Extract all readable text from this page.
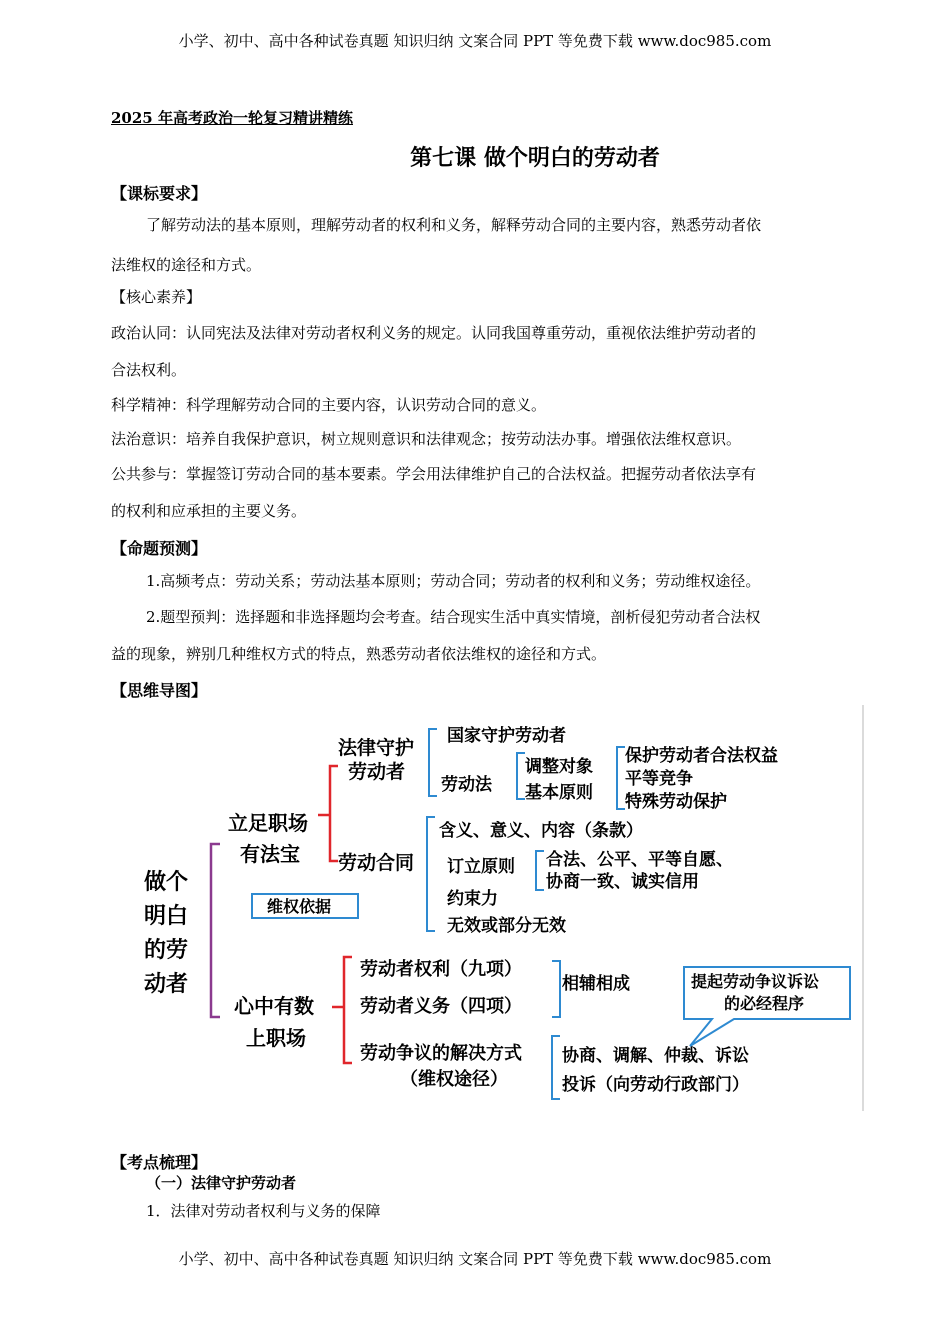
小学、初中、高中各种试卷真题 知识归纳 文案合同 PPT 等免费下载 www.doc985.com
2025 年高考政治一轮复习精讲精练
第七课 做个明白的劳动者
【课标要求】
了解劳动法的基本原则，理解劳动者的权利和义务，解释劳动合同的主要内容，熟悉劳动者依
法维权的途径和方式。
【核心素养】
政治认同：认同宪法及法律对劳动者权利义务的规定。认同我国尊重劳动，重视依法维护劳动者的
合法权利。
科学精神：科学理解劳动合同的主要内容，认识劳动合同的意义。
法治意识：培养自我保护意识，树立规则意识和法律观念；按劳动法办事。增强依法维权意识。
公共参与：掌握签订劳动合同的基本要素。学会用法律维护自己的合法权益。把握劳动者依法享有
的权利和应承担的主要义务。
【命题预测】
1.高频考点：劳动关系；劳动法基本原则；劳动合同；劳动者的权利和义务；劳动维权途径。
2.题型预判：选择题和非选择题均会考查。结合现实生活中真实情境，剖析侵犯劳动者合法权
益的现象，辨别几种维权方式的特点，熟悉劳动者依法维权的途径和方式。
【思维导图】
做个
明白
的劳
动者
立足职场
有法宝
心中有数
上职场
法律守护
劳动者
国家守护劳动者
劳动法
调整对象
基本原则
保护劳动者合法权益
平等竞争
特殊劳动保护
劳动合同
含义、意义、内容（条款）
订立原则 合法、公平、平等自愿、
协商一致、诚实信用
约束力
无效或部分无效
维权依据
劳动者权利（九项）
劳动者义务（四项）
相辅相成
劳动争议的解决方式
（维权途径）
协商、调解、仲裁、诉讼
投诉（向劳动行政部门）
提起劳动争议诉讼
的必经程序
【考点梳理】
（一）法律守护劳动者
1．法律对劳动者权利与义务的保障
小学、初中、高中各种试卷真题 知识归纳 文案合同 PPT 等免费下载 www.doc985.com
